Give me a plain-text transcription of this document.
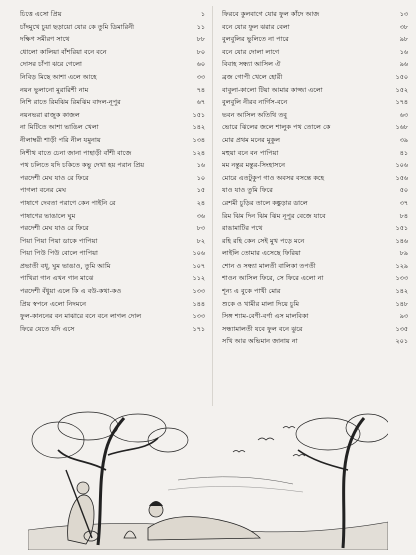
চিত্তে এসো প্রিয়	১
চাঁদমুখে চুয়া ছড়ায়ো যোর কে তুমি ডিমারিনী	১১
দক্ষিণ সমীরণ সাথে	৮৮
ধোলো কালিয়া বাঁশরিয়া বনে বনে	৮০
দোসর চাঁপা ঝরে গেলো	৬০
নিবিড় মিছে আশা এলে আহে	৩৩
নয়ন ভুলানো মুরারিশী নাম	৭৪
নিশি রাতে রিমঝিম রিমঝিম বাদল-নূপুর	৬৭
নয়নভরা রাজুক কাজল	১৫১
না মিটিতে আশা ভাঙিল খেলা	১৪২
নীলাম্বরী শাড়ী পরি নীল যমুনায়	১৩৪
নিশীথ বাতে চেনা জানা পাহাড়ী বাঁশী বাজে	১২৪
পথ চলিতে যদি চকিতে কভু দেখা হয় পরান প্রিয়	১৬
পরদেশী মেঘ যাও রে ফিরে	১০
পাগলা বনের মেঘ	১৫
পাষাণে দেবতা পরাণে কেন পাইনি রে	২৪
পাষাণের ভাঙালে ঘুম	৩৬
পরদেশী মেঘ যাও রে ফিরে	৮৩
পিয়া পিয়া পিয়া ডাকে পাপিয়া	৮২
পিয়া পিউ পিউ বোলে পাপিয়া	১০৬
প্রভাতী বধূ, ঘুম ভাঙাও, তুমি আমি	১০৭
পাখিরা গান এখন গান মাঝে	১১২
পরদেশী বঁধুয়া এলে কি এ বউ-কথা-কও	১৩৩
প্রিয় স্বপনে এলো নিদমনে	১৪৪
ফুল-কাননের বন মাঝারে বনে বনে লাগল দোল	১৩৩
ফিরে যেতে যদি এসে	১৭১
ফিরবে কুলবাগে যোর ফুল কাঁদে আজ	১৩
বনে যোর ফুল ঝরার বেলা	৩৮
বুলবুলির ভুলিতে না পারে	৯৮
বনে যোর দোলা লাগে	১৬
বিবাহ সন্ধ্যা আসিল ঐ	৯৬
ব্রজ গোপী খেলে হোরী	১৫০
বাবুলা-কালো টিয়া আমার কাজ্জা এলো	১৫২
বুলবুলি নীরব নার্গিস-বনে	১৭৪
ভবন আসিল অতিথি তবু	৬৩
ভোরে ঝিলের জলে শালুক পথ তোলে কে	১৬৮
মোর প্রথম মনের মুকুল	৩৯
মহুয়া বনে বন পাপিয়া	৪১
মম নন্তুর মন্তুর-সিংহাসনে	১০৬
মোরে এতটুকুপ গাও অবসর বসন্তে কহে	১৫৬
যাও যাও তুমি ফিরে	৫০
রেশমী চুড়ির তালে কঙ্কুড়ার ডালে	৩৭
রিম ঝিম দিন ঝিম ঝিম নূপুর বেজে যাবে	৮৪
রাঙামাটির পথে	১৫১
রহি রহি কেন সেই মুখ পড়ে মনে	১৪৬
লাইলি তোমার এসেছে ফিরিয়া	৮৯
শোন ও সন্ধ্যা মালতী বালিকা তপতী	১২৯
শাওন আসিল ফিরে, সে ফিরে এলো না	১৩৩
শূন্য এ বুকে পাখী মোর	১৪২
শুকে ও খামীর মালা দিয়ে চুমি	১৪৮
সিঙ্গ শ্যাম-বেণী-বর্ণা এস মালবিকা	৯৩
সন্ধ্যামালতী যবে ফুল বনে ঝুরে	১৩৫
সখি আর অভিমান জানায় না	২০১
